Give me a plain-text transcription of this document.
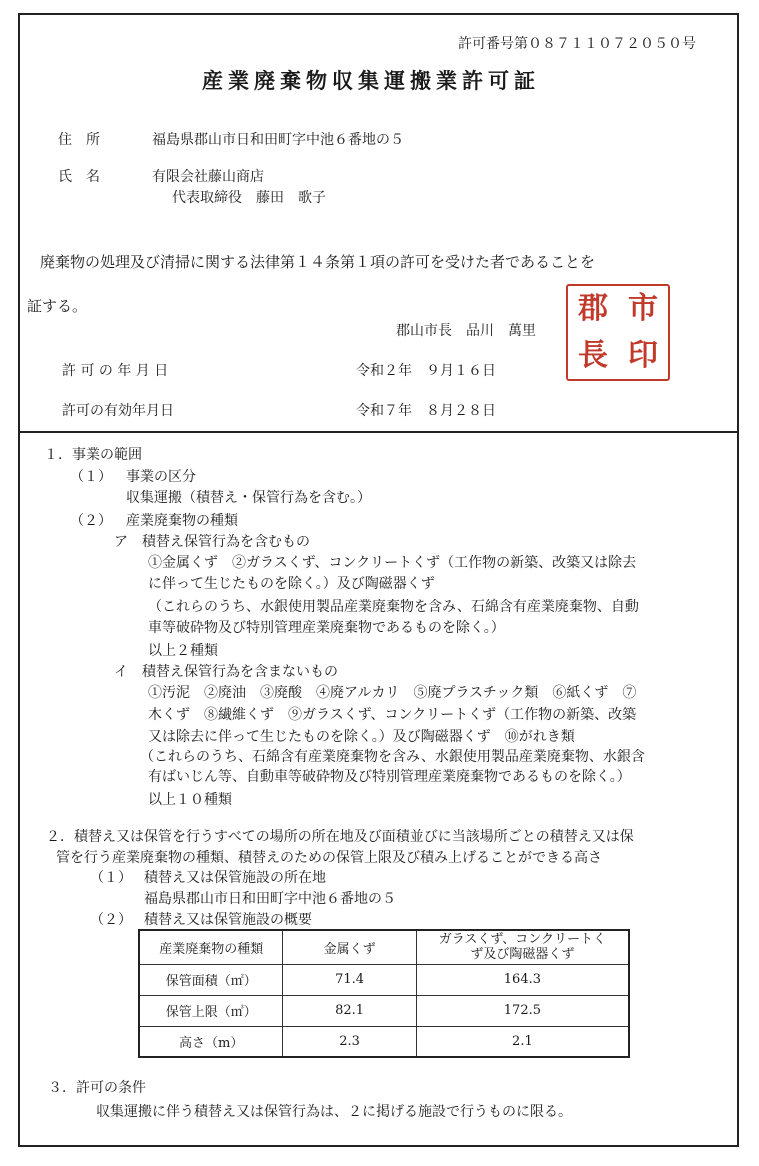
許可番号第０８７１１０７２０５０号
産業廃棄物収集運搬業許可証
住　所	福島県郡山市日和田町字中池６番地の５
氏　名	有限会社藤山商店
代表取締役　藤田　歌子
廃棄物の処理及び清掃に関する法律第１４条第１項の許可を受けた者であることを
証する。
郡山市長　品川　萬里
郡 市
長 印
許 可 の 年 月 日	令和２年　９月１６日
許可の有効年月日	令和７年　８月２８日
１．事業の範囲
（１） 事業の区分
収集運搬（積替え・保管行為を含む。）
（２） 産業廃棄物の種類
ア　積替え保管行為を含むもの
①金属くず　②ガラスくず、コンクリートくず（工作物の新築、改築又は除去
に伴って生じたものを除く。）及び陶磁器くず
（これらのうち、水銀使用製品産業廃棄物を含み、石綿含有産業廃棄物、自動
車等破砕物及び特別管理産業廃棄物であるものを除く。）
以上２種類
イ　積替え保管行為を含まないもの
①汚泥　②廃油　③廃酸　④廃アルカリ　⑤廃プラスチック類　⑥紙くず　⑦
木くず　⑧繊維くず　⑨ガラスくず、コンクリートくず（工作物の新築、改築
又は除去に伴って生じたものを除く。）及び陶磁器くず　⑩がれき類
（これらのうち、石綿含有産業廃棄物を含み、水銀使用製品産業廃棄物、水銀含
有ばいじん等、自動車等破砕物及び特別管理産業廃棄物であるものを除く。）
以上１０種類
２．積替え又は保管を行うすべての場所の所在地及び面積並びに当該場所ごとの積替え又は保
管を行う産業廃棄物の種類、積替えのための保管上限及び積み上げることができる高さ
（１） 積替え又は保管施設の所在地
福島県郡山市日和田町字中池６番地の５
（２） 積替え又は保管施設の概要
産業廃棄物の種類	金属くず	ガラスくず、コンクリートく
ず及び陶磁器くず

保管面積（㎡）	71.4	164.3
保管上限（㎥）	82.1	172.5
高さ（m）	2.3	2.1
３．許可の条件
収集運搬に伴う積替え又は保管行為は、２に掲げる施設で行うものに限る。
